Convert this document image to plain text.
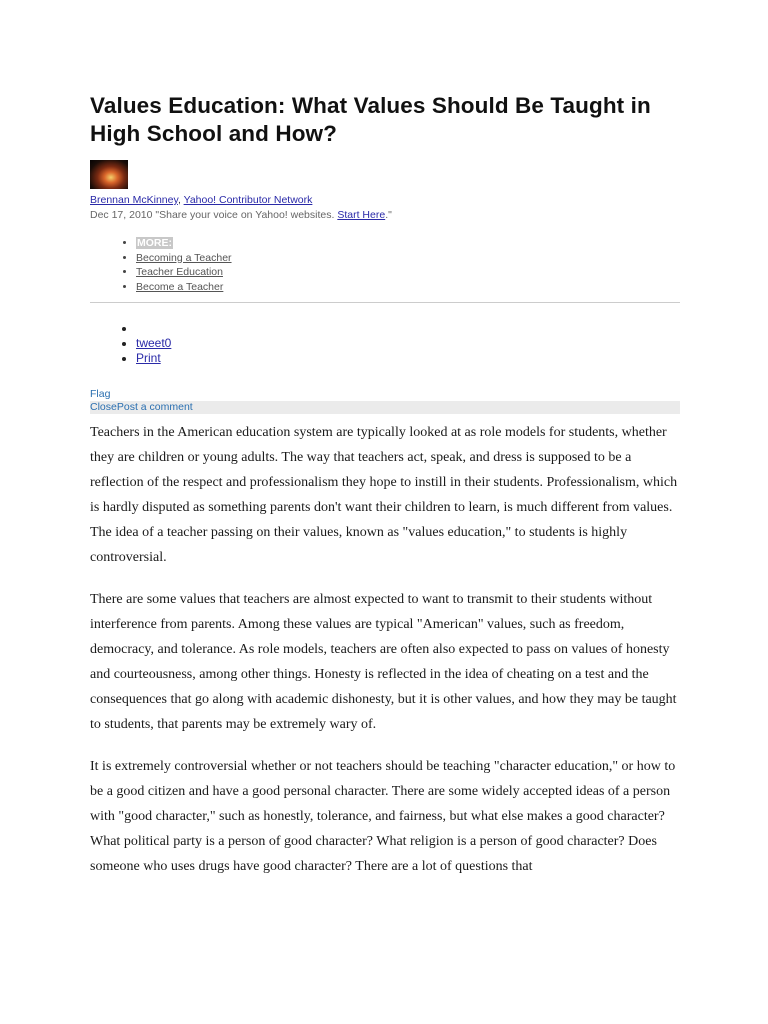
Values Education: What Values Should Be Taught in High School and How?
Brennan McKinney, Yahoo! Contributor Network
Dec 17, 2010 "Share your voice on Yahoo! websites. Start Here."
• MORE:
• Becoming a Teacher
• Teacher Education
• Become a Teacher
•
• tweet0
• Print
Flag
ClosePost a comment

Teachers in the American education system are typically looked at as role models for students, whether they are children or young adults. The way that teachers act, speak, and dress is supposed to be a reflection of the respect and professionalism they hope to instill in their students. Professionalism, which is hardly disputed as something parents don't want their children to learn, is much different from values. The idea of a teacher passing on their values, known as "values education," to students is highly controversial.

There are some values that teachers are almost expected to want to transmit to their students without interference from parents. Among these values are typical "American" values, such as freedom, democracy, and tolerance. As role models, teachers are often also expected to pass on values of honesty and courteousness, among other things. Honesty is reflected in the idea of cheating on a test and the consequences that go along with academic dishonesty, but it is other values, and how they may be taught to students, that parents may be extremely wary of.

It is extremely controversial whether or not teachers should be teaching "character education," or how to be a good citizen and have a good personal character. There are some widely accepted ideas of a person with "good character," such as honestly, tolerance, and fairness, but what else makes a good character? What political party is a person of good character? What religion is a person of good character? Does someone who uses drugs have good character? There are a lot of questions that
